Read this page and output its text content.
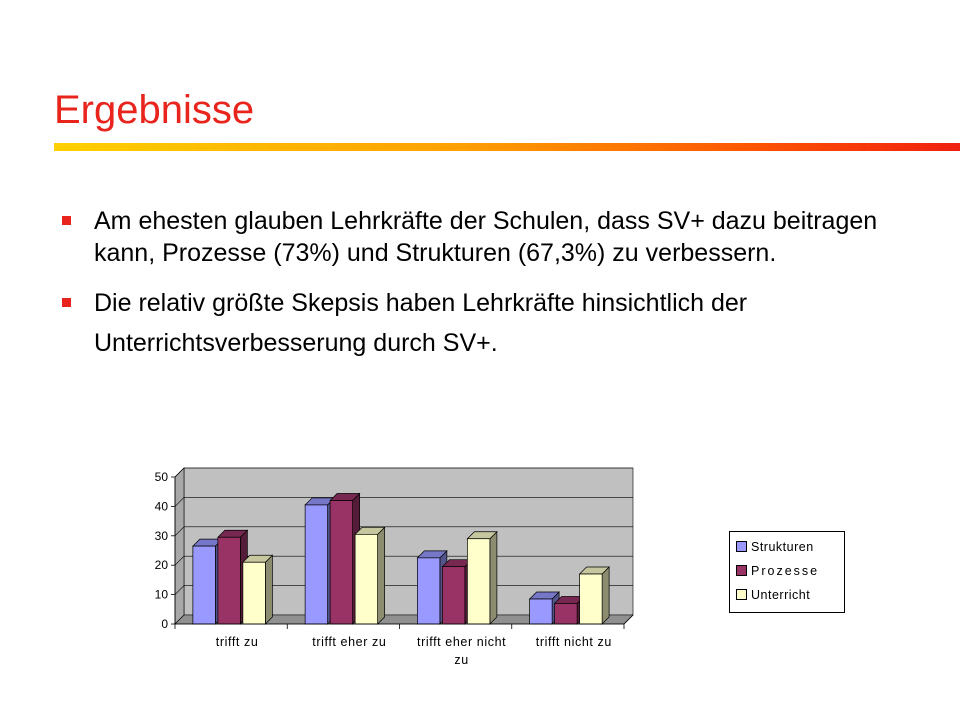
Ergebnisse
Am ehesten glauben Lehrkräfte der Schulen, dass SV+ dazu beitragen kann, Prozesse (73%) und Strukturen (67,3%) zu verbessern.
Die relativ größte Skepsis haben Lehrkräfte hinsichtlich der Unterrichtsverbesserung durch SV+.
0
10
20
30
40
50
trifft zu	trifft eher zu trifft eher nicht
zu
trifft nicht zu
Strukturen
Prozesse
Unterricht
